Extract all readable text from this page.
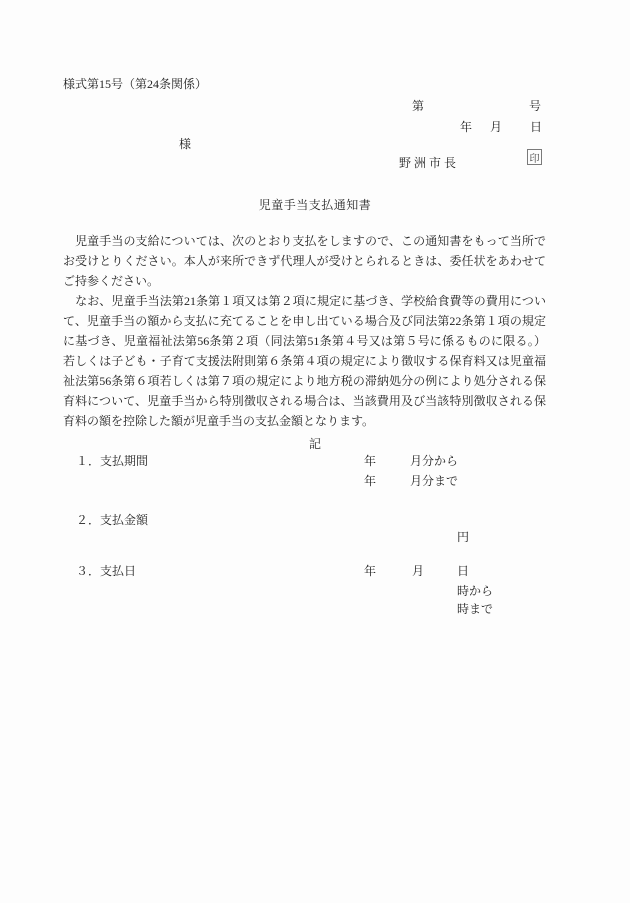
様式第15号（第24条関係）
第	号
年 月 日
様
野洲市長	印
児童手当支払通知書
　児童手当の支給については、次のとおり支払をしますので、この通知書をもって当所で
お受けとりください。本人が来所できず代理人が受けとられるときは、委任状をあわせて
ご持参ください。
　なお、児童手当法第21条第１項又は第２項に規定に基づき、学校給食費等の費用につい
て、児童手当の額から支払に充てることを申し出ている場合及び同法第22条第１項の規定
に基づき、児童福祉法第56条第２項（同法第51条第４号又は第５号に係るものに限る。）
若しくは子ども・子育て支援法附則第６条第４項の規定により徴収する保育料又は児童福
祉法第56条第６項若しくは第７項の規定により地方税の滞納処分の例により処分される保
育料について、児童手当から特別徴収される場合は、当該費用及び当該特別徴収される保
育料の額を控除した額が児童手当の支払金額となります。
記
１．支払期間	年	月分から
年	月分まで
２．支払金額
円
３．支払日	年	月	日
時から
時まで
